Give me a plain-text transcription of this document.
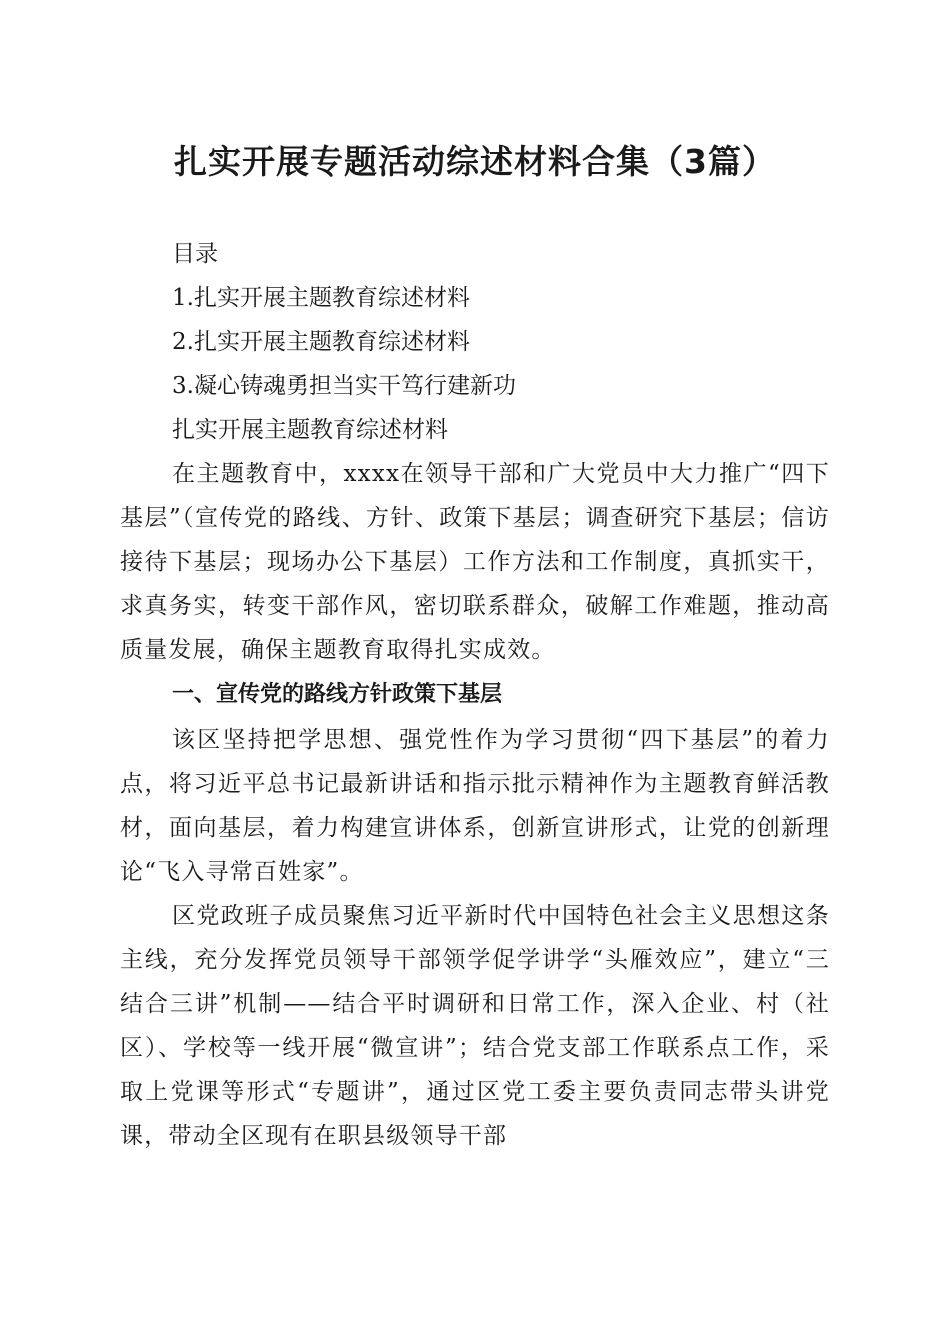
扎实开展专题活动综述材料合集（3篇）

目录

1.扎实开展主题教育综述材料

2.扎实开展主题教育综述材料

3.凝心铸魂勇担当实干笃行建新功

扎实开展主题教育综述材料

在主题教育中，xxxx在领导干部和广大党员中大力推广“四下基层”（宣传党的路线、方针、政策下基层；调查研究下基层；信访接待下基层；现场办公下基层）工作方法和工作制度，真抓实干，求真务实，转变干部作风，密切联系群众，破解工作难题，推动高质量发展，确保主题教育取得扎实成效。

一、宣传党的路线方针政策下基层

该区坚持把学思想、强党性作为学习贯彻“四下基层”的着力点，将习近平总书记最新讲话和指示批示精神作为主题教育鲜活教材，面向基层，着力构建宣讲体系，创新宣讲形式，让党的创新理论“飞入寻常百姓家”。

区党政班子成员聚焦习近平新时代中国特色社会主义思想这条主线，充分发挥党员领导干部领学促学讲学“头雁效应”，建立“三结合三讲”机制——结合平时调研和日常工作，深入企业、村（社区）、学校等一线开展“微宣讲”；结合党支部工作联系点工作，采取上党课等形式“专题讲”，通过区党工委主要负责同志带头讲党课，带动全区现有在职县级领导干部
